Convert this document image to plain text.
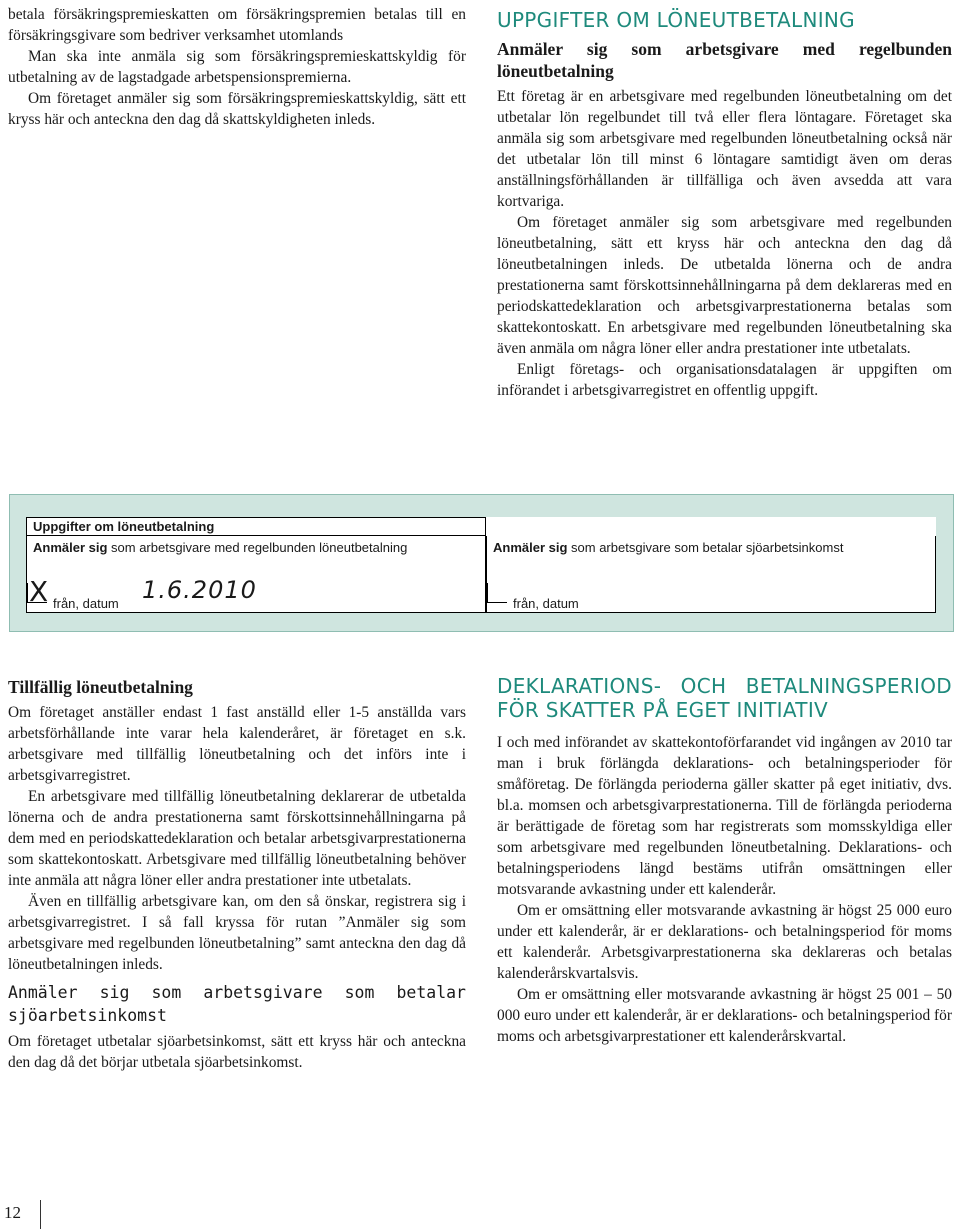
betala försäkringspremieskatten om försäkringspremien betalas till en försäkringsgivare som bedriver verksamhet utomlands

Man ska inte anmäla sig som försäkringspremieskattskyldig för utbetalning av de lagstadgade arbetspensionspremierna.

Om företaget anmäler sig som försäkringspremieskattskyldig, sätt ett kryss här och anteckna den dag då skattskyldigheten inleds.

UPPGIFTER OM LÖNEUTBETALNING
Anmäler sig som arbetsgivare med regelbunden löneutbetalning

Ett företag är en arbetsgivare med regelbunden löneutbetalning om det utbetalar lön regelbundet till två eller flera löntagare. Företaget ska anmäla sig som arbetsgivare med regelbunden löneutbetalning också när det utbetalar lön till minst 6 löntagare samtidigt även om deras anställningsförhållanden är tillfälliga och även avsedda att vara kortvariga.

Om företaget anmäler sig som arbetsgivare med regelbunden löneutbetalning, sätt ett kryss här och anteckna den dag då löneutbetalningen inleds. De utbetalda lönerna och de andra prestationerna samt förskottsinnehållningarna på dem deklareras med en periodskattedeklaration och arbetsgivarprestationerna betalas som skattekontoskatt. En arbetsgivare med regelbunden löneutbetalning ska även anmäla om några löner eller andra prestationer inte utbetalats.

Enligt företags- och organisationsdatalagen är uppgiften om införandet i arbetsgivarregistret en offentlig uppgift.

Uppgifter om löneutbetalning
Anmäler sig som arbetsgivare med regelbunden löneutbetalning
X från, datum 1.6.2010
Anmäler sig som arbetsgivare som betalar sjöarbetsinkomst
från, datum
Tillfällig löneutbetalning

Om företaget anställer endast 1 fast anställd eller 1-5 anställda vars arbetsförhållande inte varar hela kalenderåret, är företaget en s.k. arbetsgivare med tillfällig löneutbetalning och det införs inte i arbetsgivarregistret.

En arbetsgivare med tillfällig löneutbetalning deklarerar de utbetalda lönerna och de andra prestationerna samt förskottsinnehållningarna på dem med en periodskattedeklaration och betalar arbetsgivarprestationerna som skattekontoskatt. Arbetsgivare med tillfällig löneutbetalning behöver inte anmäla att några löner eller andra prestationer inte utbetalats.

Även en tillfällig arbetsgivare kan, om den så önskar, registrera sig i arbetsgivarregistret. I så fall kryssa för rutan ”Anmäler sig som arbetsgivare med regelbunden löneutbetalning” samt anteckna den dag då löneutbetalningen inleds.

Anmäler sig som arbetsgivare som betalar sjöarbetsinkomst

Om företaget utbetalar sjöarbetsinkomst, sätt ett kryss här och anteckna den dag då det börjar utbetala sjöarbetsinkomst.

DEKLARATIONS- OCH BETALNINGSPERIOD FÖR SKATTER PÅ EGET INITIATIV

I och med införandet av skattekontoförfarandet vid ingången av 2010 tar man i bruk förlängda deklarations- och betalningsperioder för småföretag. De förlängda perioderna gäller skatter på eget initiativ, dvs. bl.a. momsen och arbetsgivarprestationerna. Till de förlängda perioderna är berättigade de företag som har registrerats som momsskyldiga eller som arbetsgivare med regelbunden löneutbetalning. Deklarations- och betalningsperiodens längd bestäms utifrån omsättningen eller motsvarande avkastning under ett kalenderår.

Om er omsättning eller motsvarande avkastning är högst 25 000 euro under ett kalenderår, är er deklarations- och betalningsperiod för moms ett kalenderår. Arbetsgivarprestationerna ska deklareras och betalas kalenderårskvartalsvis.

Om er omsättning eller motsvarande avkastning är högst 25 001 – 50 000 euro under ett kalenderår, är er deklarations- och betalningsperiod för moms och arbetsgivarprestationer ett kalenderårskvartal.

12
